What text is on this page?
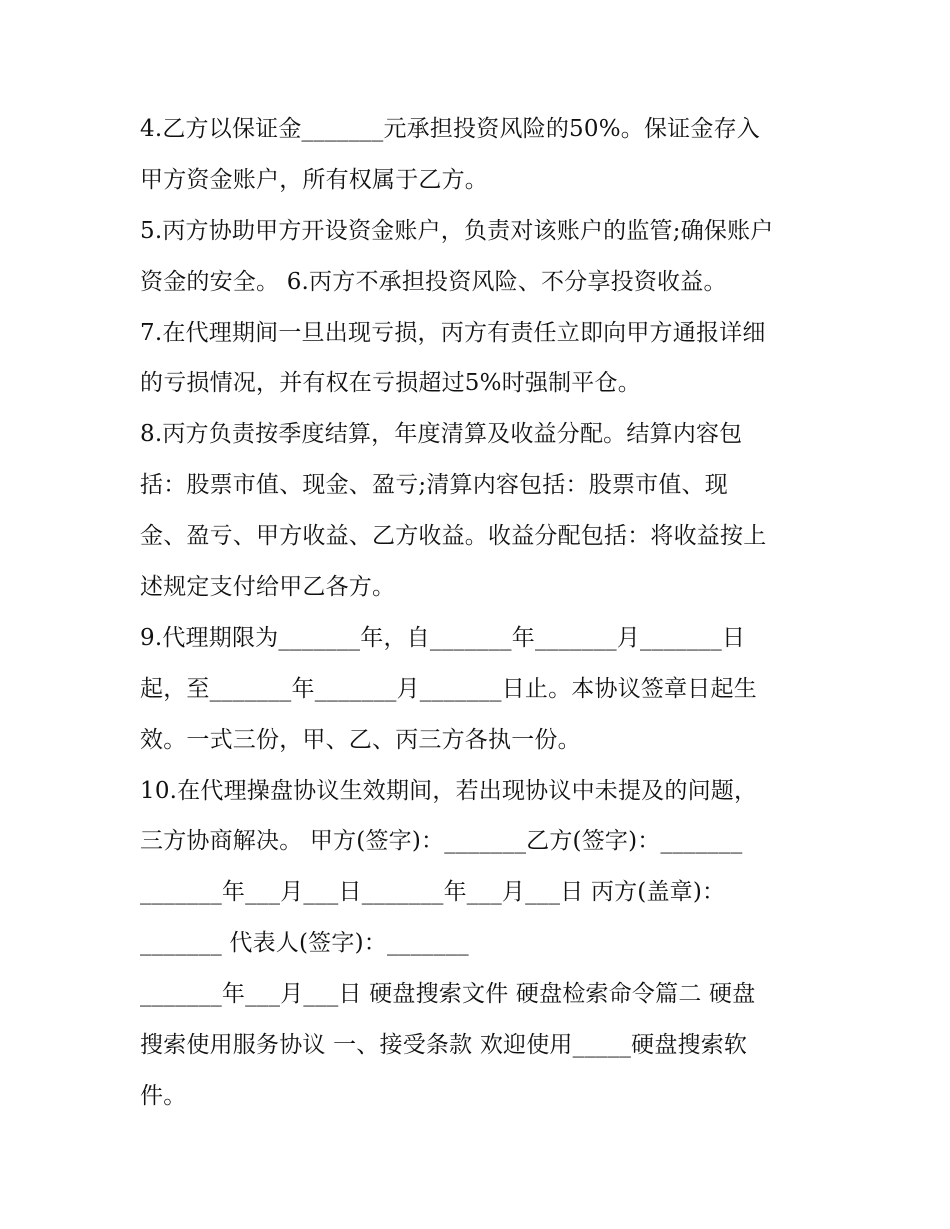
4.乙方以保证金_______元承担投资风险的50%。保证金存入
甲方资金账户，所有权属于乙方。
5.丙方协助甲方开设资金账户，负责对该账户的监管;确保账户
资金的安全。 6.丙方不承担投资风险、不分享投资收益。
7.在代理期间一旦出现亏损，丙方有责任立即向甲方通报详细
的亏损情况，并有权在亏损超过5%时强制平仓。
8.丙方负责按季度结算，年度清算及收益分配。结算内容包
括：股票市值、现金、盈亏;清算内容包括：股票市值、现
金、盈亏、甲方收益、乙方收益。收益分配包括：将收益按上
述规定支付给甲乙各方。
9.代理期限为_______年，自_______年_______月_______日
起，至_______年_______月_______日止。本协议签章日起生
效。一式三份，甲、乙、丙三方各执一份。
10.在代理操盘协议生效期间，若出现协议中未提及的问题，
三方协商解决。 甲方(签字)：_______乙方(签字)：_______
_______年___月___日_______年___月___日 丙方(盖章)：
_______ 代表人(签字)：_______
_______年___月___日 硬盘搜索文件 硬盘检索命令篇二 硬盘
搜索使用服务协议 一、接受条款 欢迎使用_____硬盘搜索软
件。
